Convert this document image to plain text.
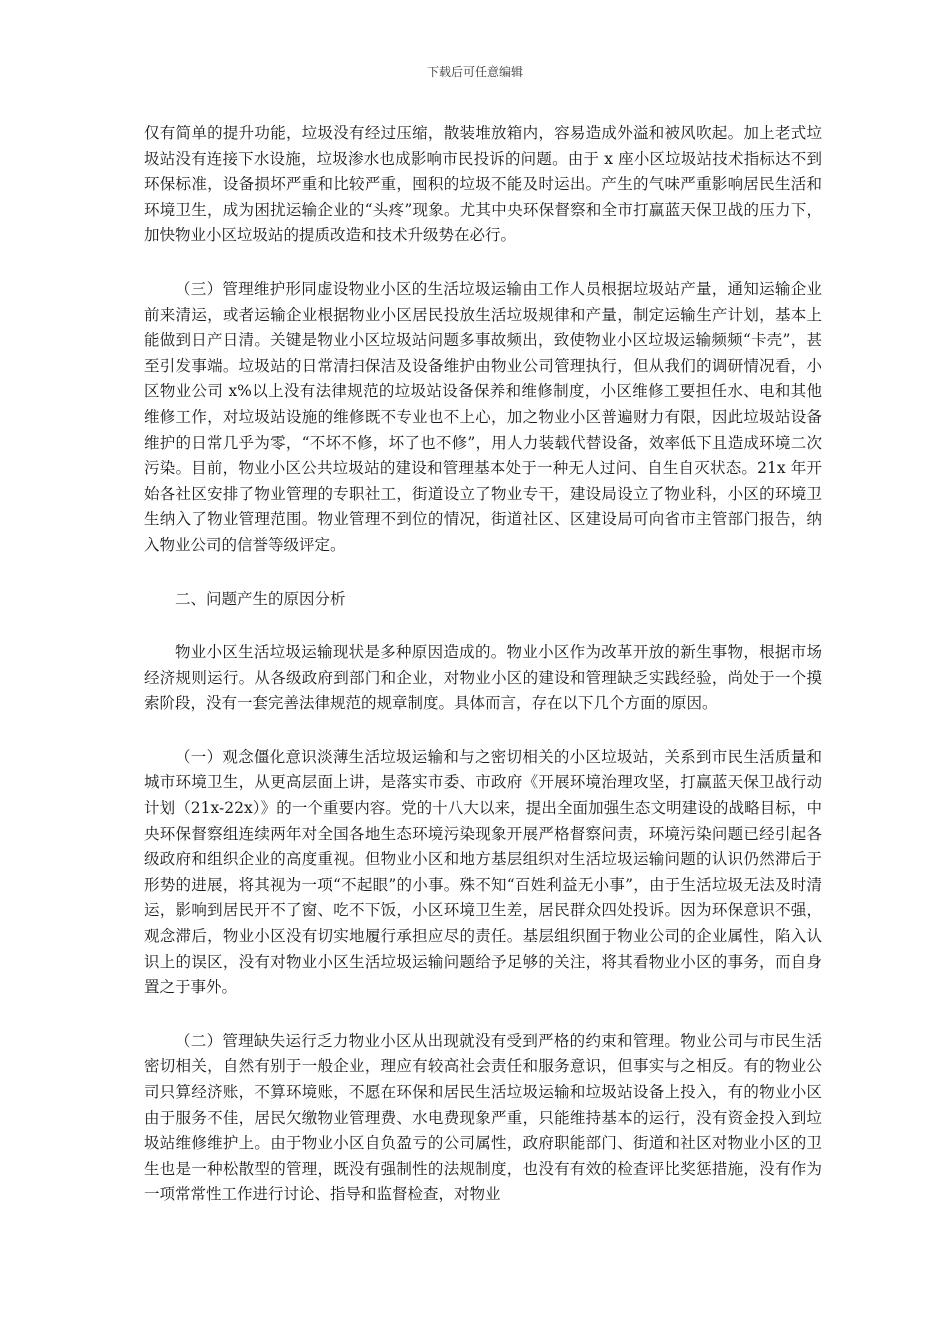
下载后可任意编辑

仅有简单的提升功能，垃圾没有经过压缩，散装堆放箱内，容易造成外溢和被风吹起。加上老式垃圾站没有连接下水设施，垃圾渗水也成影响市民投诉的问题。由于 x 座小区垃圾站技术指标达不到环保标准，设备损坏严重和比较严重，囤积的垃圾不能及时运出。产生的气味严重影响居民生活和环境卫生，成为困扰运输企业的“头疼”现象。尤其中央环保督察和全市打赢蓝天保卫战的压力下，加快物业小区垃圾站的提质改造和技术升级势在必行。

（三）管理维护形同虚设物业小区的生活垃圾运输由工作人员根据垃圾站产量，通知运输企业前来清运，或者运输企业根据物业小区居民投放生活垃圾规律和产量，制定运输生产计划，基本上能做到日产日清。关键是物业小区垃圾站问题多事故频出，致使物业小区垃圾运输频频“卡壳”，甚至引发事端。垃圾站的日常清扫保洁及设备维护由物业公司管理执行，但从我们的调研情况看，小区物业公司 x%以上没有法律规范的垃圾站设备保养和维修制度，小区维修工要担任水、电和其他维修工作，对垃圾站设施的维修既不专业也不上心，加之物业小区普遍财力有限，因此垃圾站设备维护的日常几乎为零，“不坏不修，坏了也不修”，用人力装载代替设备，效率低下且造成环境二次污染。目前，物业小区公共垃圾站的建设和管理基本处于一种无人过问、自生自灭状态。21x 年开始各社区安排了物业管理的专职社工，街道设立了物业专干，建设局设立了物业科，小区的环境卫生纳入了物业管理范围。物业管理不到位的情况，街道社区、区建设局可向省市主管部门报告，纳入物业公司的信誉等级评定。

二、问题产生的原因分析

物业小区生活垃圾运输现状是多种原因造成的。物业小区作为改革开放的新生事物，根据市场经济规则运行。从各级政府到部门和企业，对物业小区的建设和管理缺乏实践经验，尚处于一个摸索阶段，没有一套完善法律规范的规章制度。具体而言，存在以下几个方面的原因。

（一）观念僵化意识淡薄生活垃圾运输和与之密切相关的小区垃圾站，关系到市民生活质量和城市环境卫生，从更高层面上讲，是落实市委、市政府《开展环境治理攻坚，打赢蓝天保卫战行动计划（21x-22x）》的一个重要内容。党的十八大以来，提出全面加强生态文明建设的战略目标，中央环保督察组连续两年对全国各地生态环境污染现象开展严格督察问责，环境污染问题已经引起各级政府和组织企业的高度重视。但物业小区和地方基层组织对生活垃圾运输问题的认识仍然滞后于形势的进展，将其视为一项“不起眼”的小事。殊不知“百姓利益无小事”，由于生活垃圾无法及时清运，影响到居民开不了窗、吃不下饭，小区环境卫生差，居民群众四处投诉。因为环保意识不强，观念滞后，物业小区没有切实地履行承担应尽的责任。基层组织囿于物业公司的企业属性，陷入认识上的误区，没有对物业小区生活垃圾运输问题给予足够的关注，将其看物业小区的事务，而自身置之于事外。

（二）管理缺失运行乏力物业小区从出现就没有受到严格的约束和管理。物业公司与市民生活密切相关，自然有别于一般企业，理应有较高社会责任和服务意识，但事实与之相反。有的物业公司只算经济账，不算环境账，不愿在环保和居民生活垃圾运输和垃圾站设备上投入，有的物业小区由于服务不佳，居民欠缴物业管理费、水电费现象严重，只能维持基本的运行，没有资金投入到垃圾站维修维护上。由于物业小区自负盈亏的公司属性，政府职能部门、街道和社区对物业小区的卫生也是一种松散型的管理，既没有强制性的法规制度，也没有有效的检查评比奖惩措施，没有作为一项常常性工作进行讨论、指导和监督检查，对物业
